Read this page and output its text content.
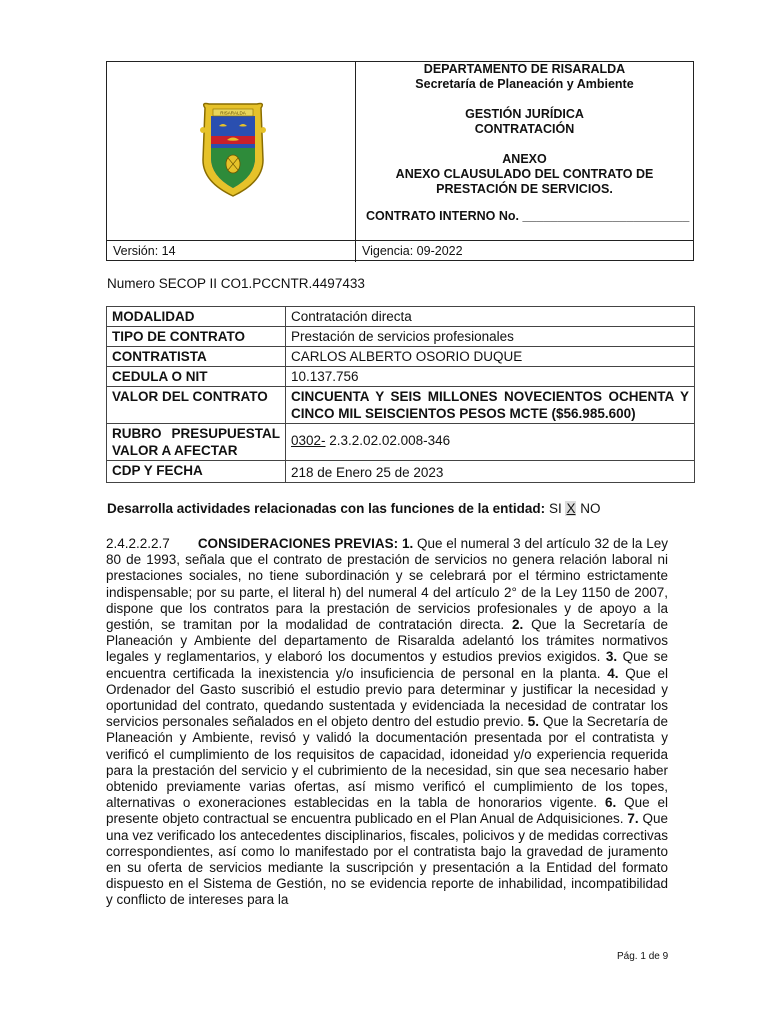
RISARALDA
DEPARTAMENTO DE RISARALDA
Secretaría de Planeación y Ambiente
GESTIÓN JURÍDICA
CONTRATACIÓN
ANEXO
ANEXO CLAUSULADO DEL CONTRATO DE
PRESTACIÓN DE SERVICIOS.
CONTRATO INTERNO No. ________________________
Versión: 14	Vigencia: 09-2022
Numero SECOP II CO1.PCCNTR.4497433
MODALIDAD	Contratación directa
TIPO DE CONTRATO	Prestación de servicios profesionales
CONTRATISTA	CARLOS ALBERTO OSORIO DUQUE
CEDULA O NIT	10.137.756
VALOR DEL CONTRATO	CINCUENTA Y SEIS MILLONES NOVECIENTOS OCHENTA Y CINCO MIL SEISCIENTOS PESOS MCTE ($56.985.600)
RUBRO PRESUPUESTAL VALOR A AFECTAR	0302- 2.3.2.02.02.008-346
CDP Y FECHA	218 de Enero 25 de 2023
Desarrolla actividades relacionadas con las funciones de la entidad: SI X NO
2.4.2.2.2.7 CONSIDERACIONES PREVIAS: 1. Que el numeral 3 del artículo 32 de la Ley 80 de 1993, señala que el contrato de prestación de servicios no genera relación laboral ni prestaciones sociales, no tiene subordinación y se celebrará por el término estrictamente indispensable; por su parte, el literal h) del numeral 4 del artículo 2° de la Ley 1150 de 2007, dispone que los contratos para la prestación de servicios profesionales y de apoyo a la gestión, se tramitan por la modalidad de contratación directa. 2. Que la Secretaría de Planeación y Ambiente del departamento de Risaralda adelantó los trámites normativos legales y reglamentarios, y elaboró los documentos y estudios previos exigidos. 3. Que se encuentra certificada la inexistencia y/o insuficiencia de personal en la planta. 4. Que el Ordenador del Gasto suscribió el estudio previo para determinar y justificar la necesidad y oportunidad del contrato, quedando sustentada y evidenciada la necesidad de contratar los servicios personales señalados en el objeto dentro del estudio previo. 5. Que la Secretaría de Planeación y Ambiente, revisó y validó la documentación presentada por el contratista y verificó el cumplimiento de los requisitos de capacidad, idoneidad y/o experiencia requerida para la prestación del servicio y el cubrimiento de la necesidad, sin que sea necesario haber obtenido previamente varias ofertas, así mismo verificó el cumplimiento de los topes, alternativas o exoneraciones establecidas en la tabla de honorarios vigente. 6. Que el presente objeto contractual se encuentra publicado en el Plan Anual de Adquisiciones. 7. Que una vez verificado los antecedentes disciplinarios, fiscales, policivos y de medidas correctivas correspondientes, así como lo manifestado por el contratista bajo la gravedad de juramento en su oferta de servicios mediante la suscripción y presentación a la Entidad del formato dispuesto en el Sistema de Gestión, no se evidencia reporte de inhabilidad, incompatibilidad y conflicto de intereses para la
Pág. 1 de 9
